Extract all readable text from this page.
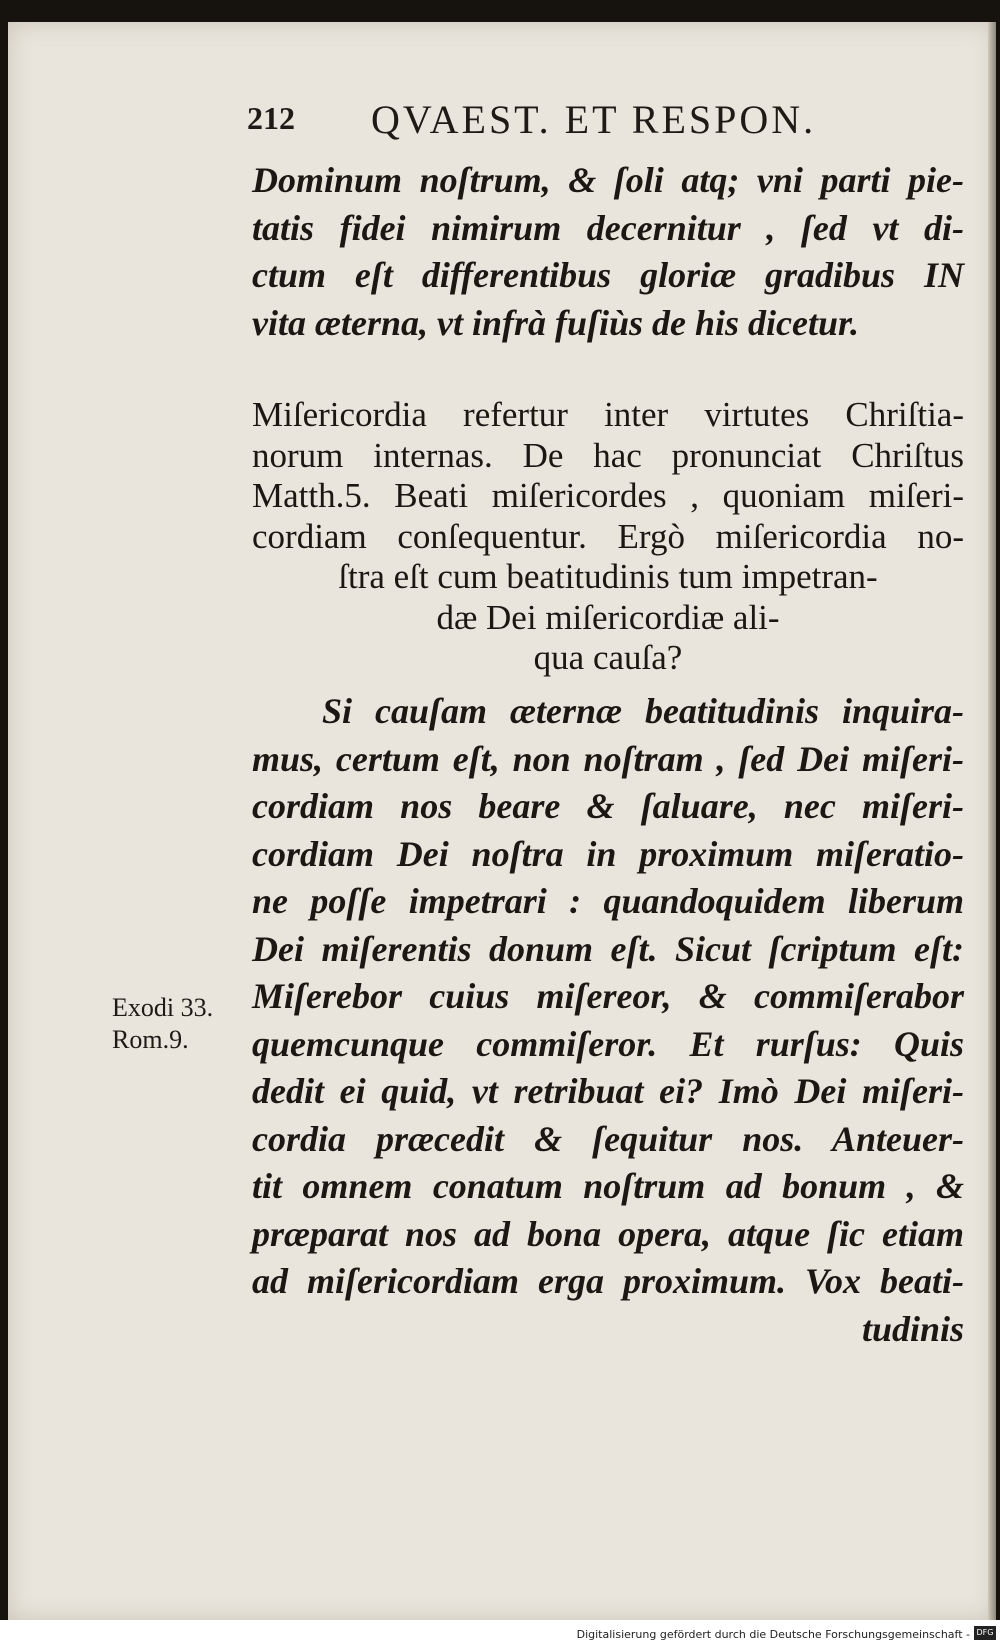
212 QVAEST. ET RESPON.
Dominum noſtrum, & ſoli atq; vni parti pie-
tatis fidei nimirum decernitur , ſed vt di-
ctum eſt differentibus gloriæ gradibus IN
vita æterna, vt infrà fuſiùs de his dicetur.
Miſericordia refertur inter virtutes Chriſtia-
norum internas. De hac pronunciat Chriſtus
Matth.5. Beati miſericordes , quoniam miſeri-
cordiam conſequentur. Ergò miſericordia no-
ſtra eſt cum beatitudinis tum impetran-
dæ Dei miſericordiæ ali-
qua cauſa?
Si cauſam æternæ beatitudinis inquira-
mus, certum eſt, non noſtram , ſed Dei miſeri-
cordiam nos beare & ſaluare, nec miſeri-
cordiam Dei noſtra in proximum miſeratio-
ne poſſe impetrari : quandoquidem liberum
Dei miſerentis donum eſt. Sicut ſcriptum eſt:
Miſerebor cuius miſereor, & commiſerabor
quemcunque commiſeror. Et rurſus: Quis
dedit ei quid, vt retribuat ei? Imò Dei miſeri-
cordia præcedit & ſequitur nos. Anteuer-
tit omnem conatum noſtrum ad bonum , &
præparat nos ad bona opera, atque ſic etiam
ad miſericordiam erga proximum. Vox beati-
tudinis
Exodi 33.
Rom.9.
Digitalisierung gefördert durch die Deutsche Forschungsgemeinschaft - DFG
